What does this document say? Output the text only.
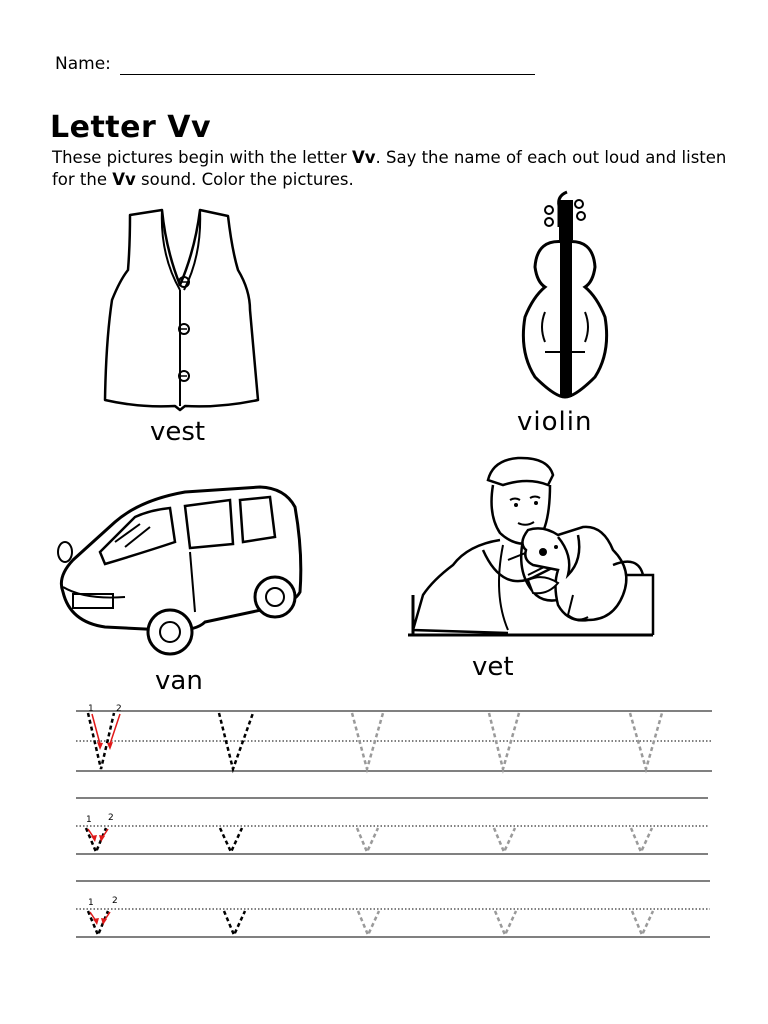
Name:
Letter Vv
These pictures begin with the letter Vv. Say the name of each out loud and listen for the Vv sound. Color the pictures.
vest	violin
van	vet
1 2
1 2
1 2
